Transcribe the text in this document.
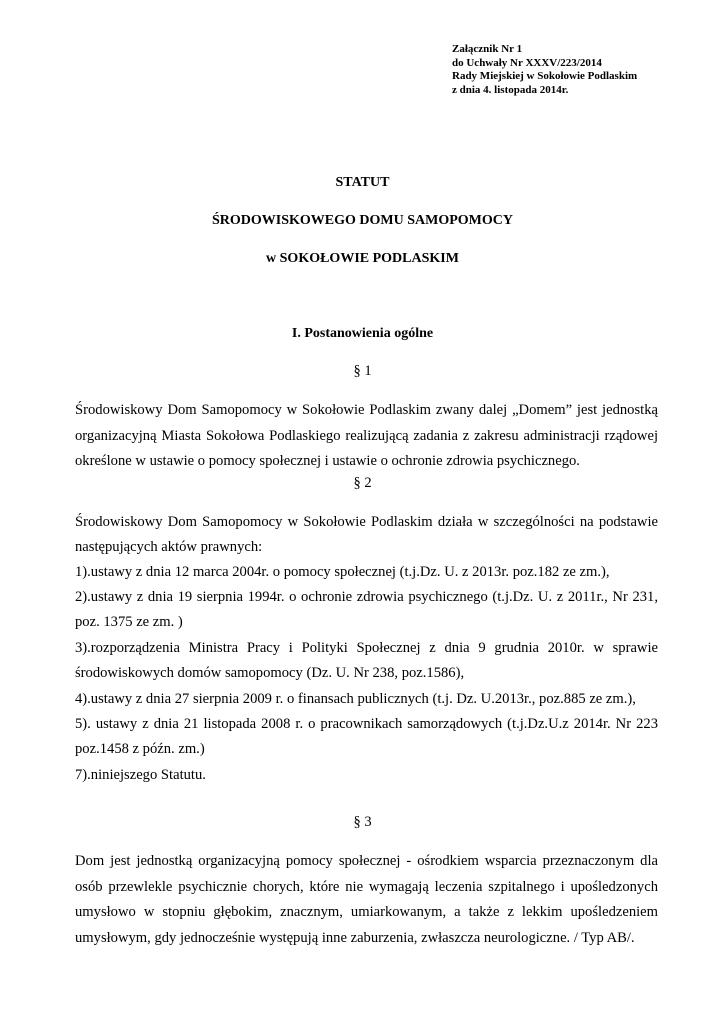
Załącznik Nr 1
do Uchwały Nr XXXV/223/2014
Rady Miejskiej w Sokołowie Podlaskim
z dnia 4. listopada 2014r.
STATUT
ŚRODOWISKOWEGO DOMU SAMOPOMOCY
w SOKOŁOWIE PODLASKIM
I. Postanowienia ogólne
§ 1
Środowiskowy Dom Samopomocy w Sokołowie Podlaskim zwany dalej „Domem” jest jednostką
organizacyjną Miasta Sokołowa Podlaskiego realizującą zadania z zakresu administracji rządowej
określone w ustawie o pomocy społecznej i ustawie o ochronie zdrowia psychicznego.
§ 2
Środowiskowy Dom Samopomocy w Sokołowie Podlaskim działa w szczególności na podstawie
następujących aktów prawnych:
1).ustawy z dnia 12 marca 2004r. o pomocy społecznej (t.j.Dz. U. z 2013r. poz.182 ze zm.),
2).ustawy z dnia 19 sierpnia 1994r. o ochronie zdrowia psychicznego (t.j.Dz. U. z 2011r., Nr 231,
poz. 1375 ze zm. )
3).rozporządzenia Ministra Pracy i Polityki Społecznej z dnia 9 grudnia 2010r. w sprawie
środowiskowych domów samopomocy (Dz. U. Nr 238, poz.1586),
4).ustawy z dnia 27 sierpnia 2009 r. o finansach publicznych (t.j. Dz. U.2013r., poz.885 ze zm.),
5). ustawy z dnia 21 listopada 2008 r. o pracownikach samorządowych (t.j.Dz.U.z 2014r. Nr 223
poz.1458 z późn. zm.)
7).niniejszego Statutu.
§ 3
Dom jest jednostką organizacyjną pomocy społecznej - ośrodkiem wsparcia przeznaczonym dla
osób przewlekle psychicznie chorych, które nie wymagają leczenia szpitalnego i upośledzonych
umysłowo w stopniu głębokim, znacznym, umiarkowanym, a także z lekkim upośledzeniem
umysłowym, gdy jednocześnie występują inne zaburzenia, zwłaszcza neurologiczne. / Typ AB/.
